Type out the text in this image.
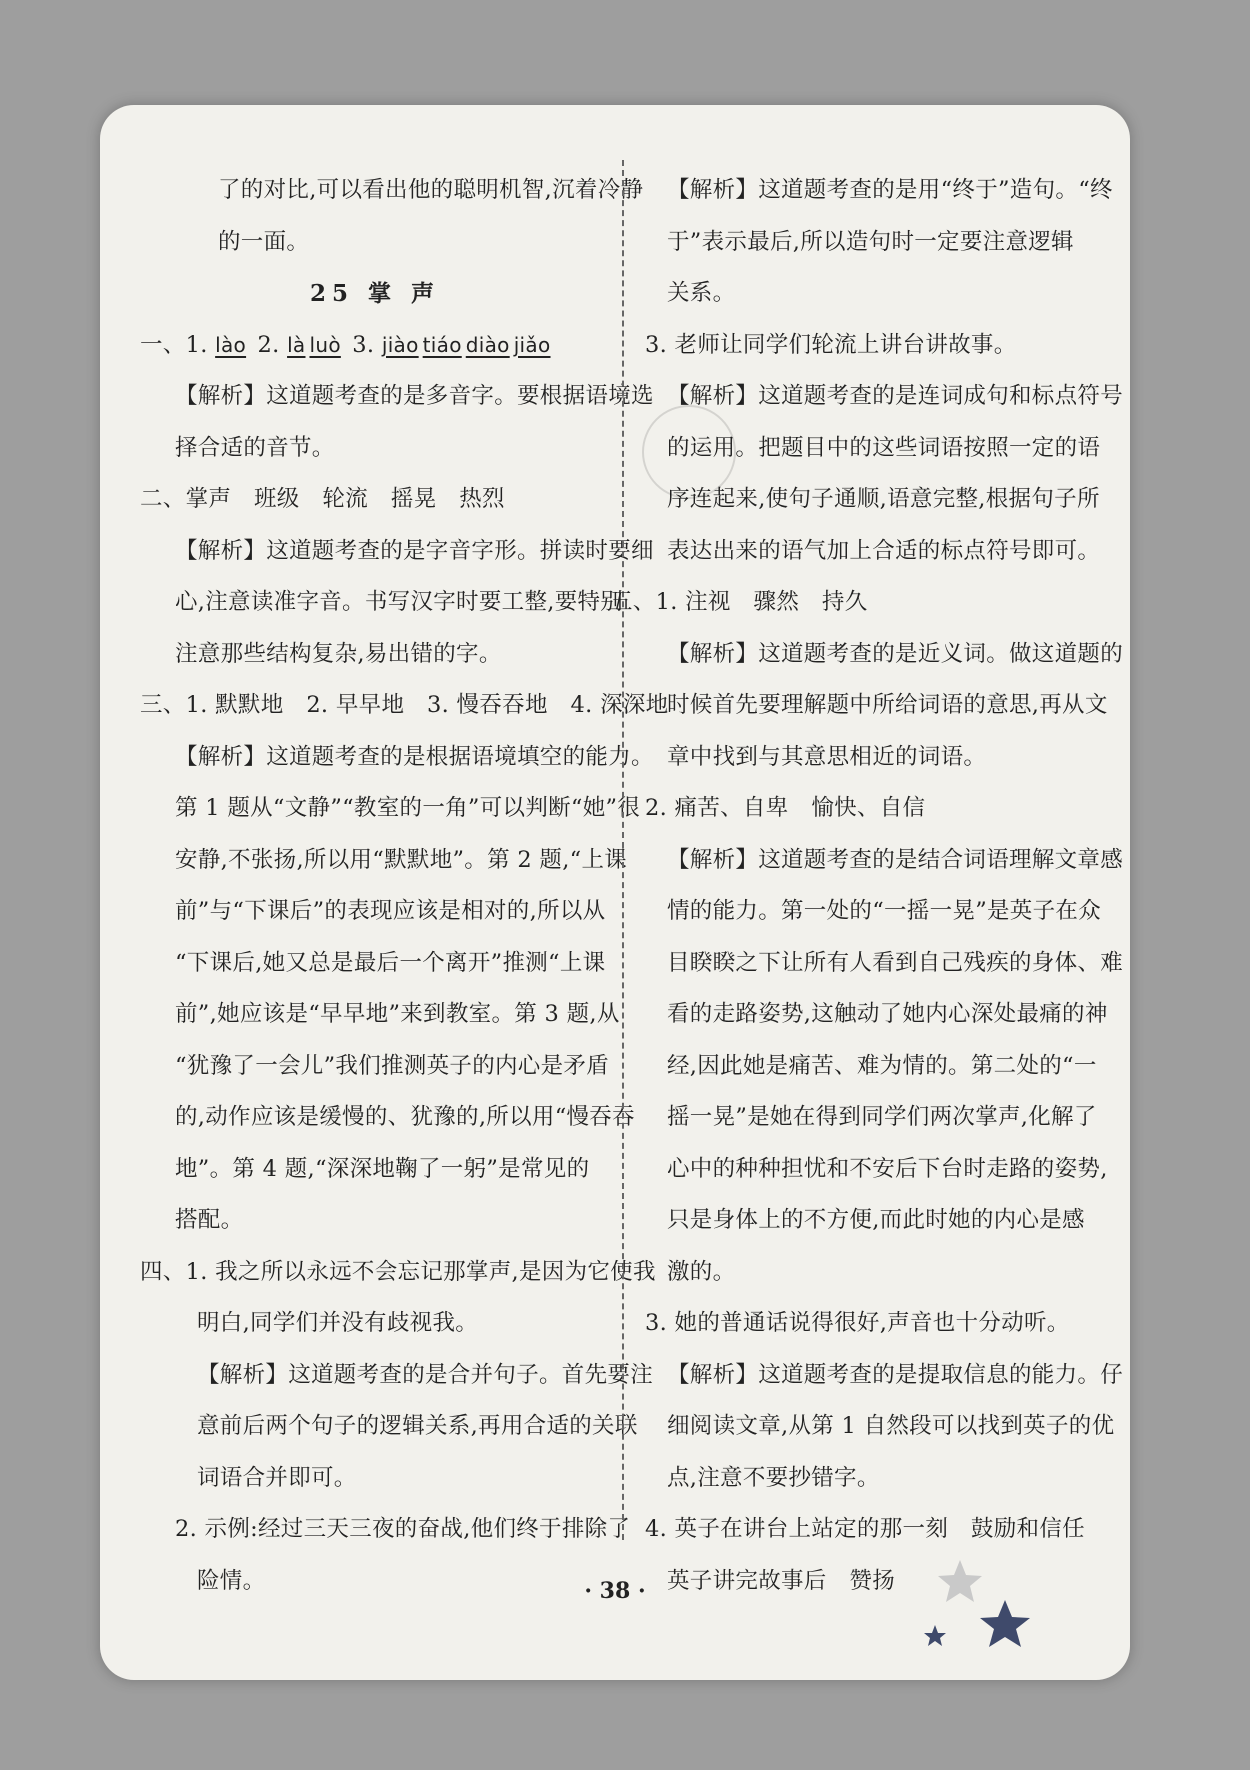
了的对比,可以看出他的聪明机智,沉着冷静
的一面。
25 掌 声
一、1. lào 2. là luò 3. jiào tiáo diào jiǎo
【解析】这道题考查的是多音字。要根据语境选
择合适的音节。
二、掌声　班级　轮流　摇晃　热烈
【解析】这道题考查的是字音字形。拼读时要细
心,注意读准字音。书写汉字时要工整,要特别
注意那些结构复杂,易出错的字。
三、1. 默默地　2. 早早地　3. 慢吞吞地　4. 深深地
【解析】这道题考查的是根据语境填空的能力。
第 1 题从“文静”“教室的一角”可以判断“她”很
安静,不张扬,所以用“默默地”。第 2 题,“上课
前”与“下课后”的表现应该是相对的,所以从
“下课后,她又总是最后一个离开”推测“上课
前”,她应该是“早早地”来到教室。第 3 题,从
“犹豫了一会儿”我们推测英子的内心是矛盾
的,动作应该是缓慢的、犹豫的,所以用“慢吞吞
地”。第 4 题,“深深地鞠了一躬”是常见的
搭配。
四、1. 我之所以永远不会忘记那掌声,是因为它使我
明白,同学们并没有歧视我。
【解析】这道题考查的是合并句子。首先要注
意前后两个句子的逻辑关系,再用合适的关联
词语合并即可。
2. 示例:经过三天三夜的奋战,他们终于排除了
险情。
【解析】这道题考查的是用“终于”造句。“终
于”表示最后,所以造句时一定要注意逻辑
关系。
3. 老师让同学们轮流上讲台讲故事。
【解析】这道题考查的是连词成句和标点符号
的运用。把题目中的这些词语按照一定的语
序连起来,使句子通顺,语意完整,根据句子所
表达出来的语气加上合适的标点符号即可。
五、1. 注视　骤然　持久
【解析】这道题考查的是近义词。做这道题的
时候首先要理解题中所给词语的意思,再从文
章中找到与其意思相近的词语。
2. 痛苦、自卑　愉快、自信
【解析】这道题考查的是结合词语理解文章感
情的能力。第一处的“一摇一晃”是英子在众
目睽睽之下让所有人看到自己残疾的身体、难
看的走路姿势,这触动了她内心深处最痛的神
经,因此她是痛苦、难为情的。第二处的“一
摇一晃”是她在得到同学们两次掌声,化解了
心中的种种担忧和不安后下台时走路的姿势,
只是身体上的不方便,而此时她的内心是感
激的。
3. 她的普通话说得很好,声音也十分动听。
【解析】这道题考查的是提取信息的能力。仔
细阅读文章,从第 1 自然段可以找到英子的优
点,注意不要抄错字。
4. 英子在讲台上站定的那一刻　鼓励和信任
英子讲完故事后　赞扬
· 38 ·
